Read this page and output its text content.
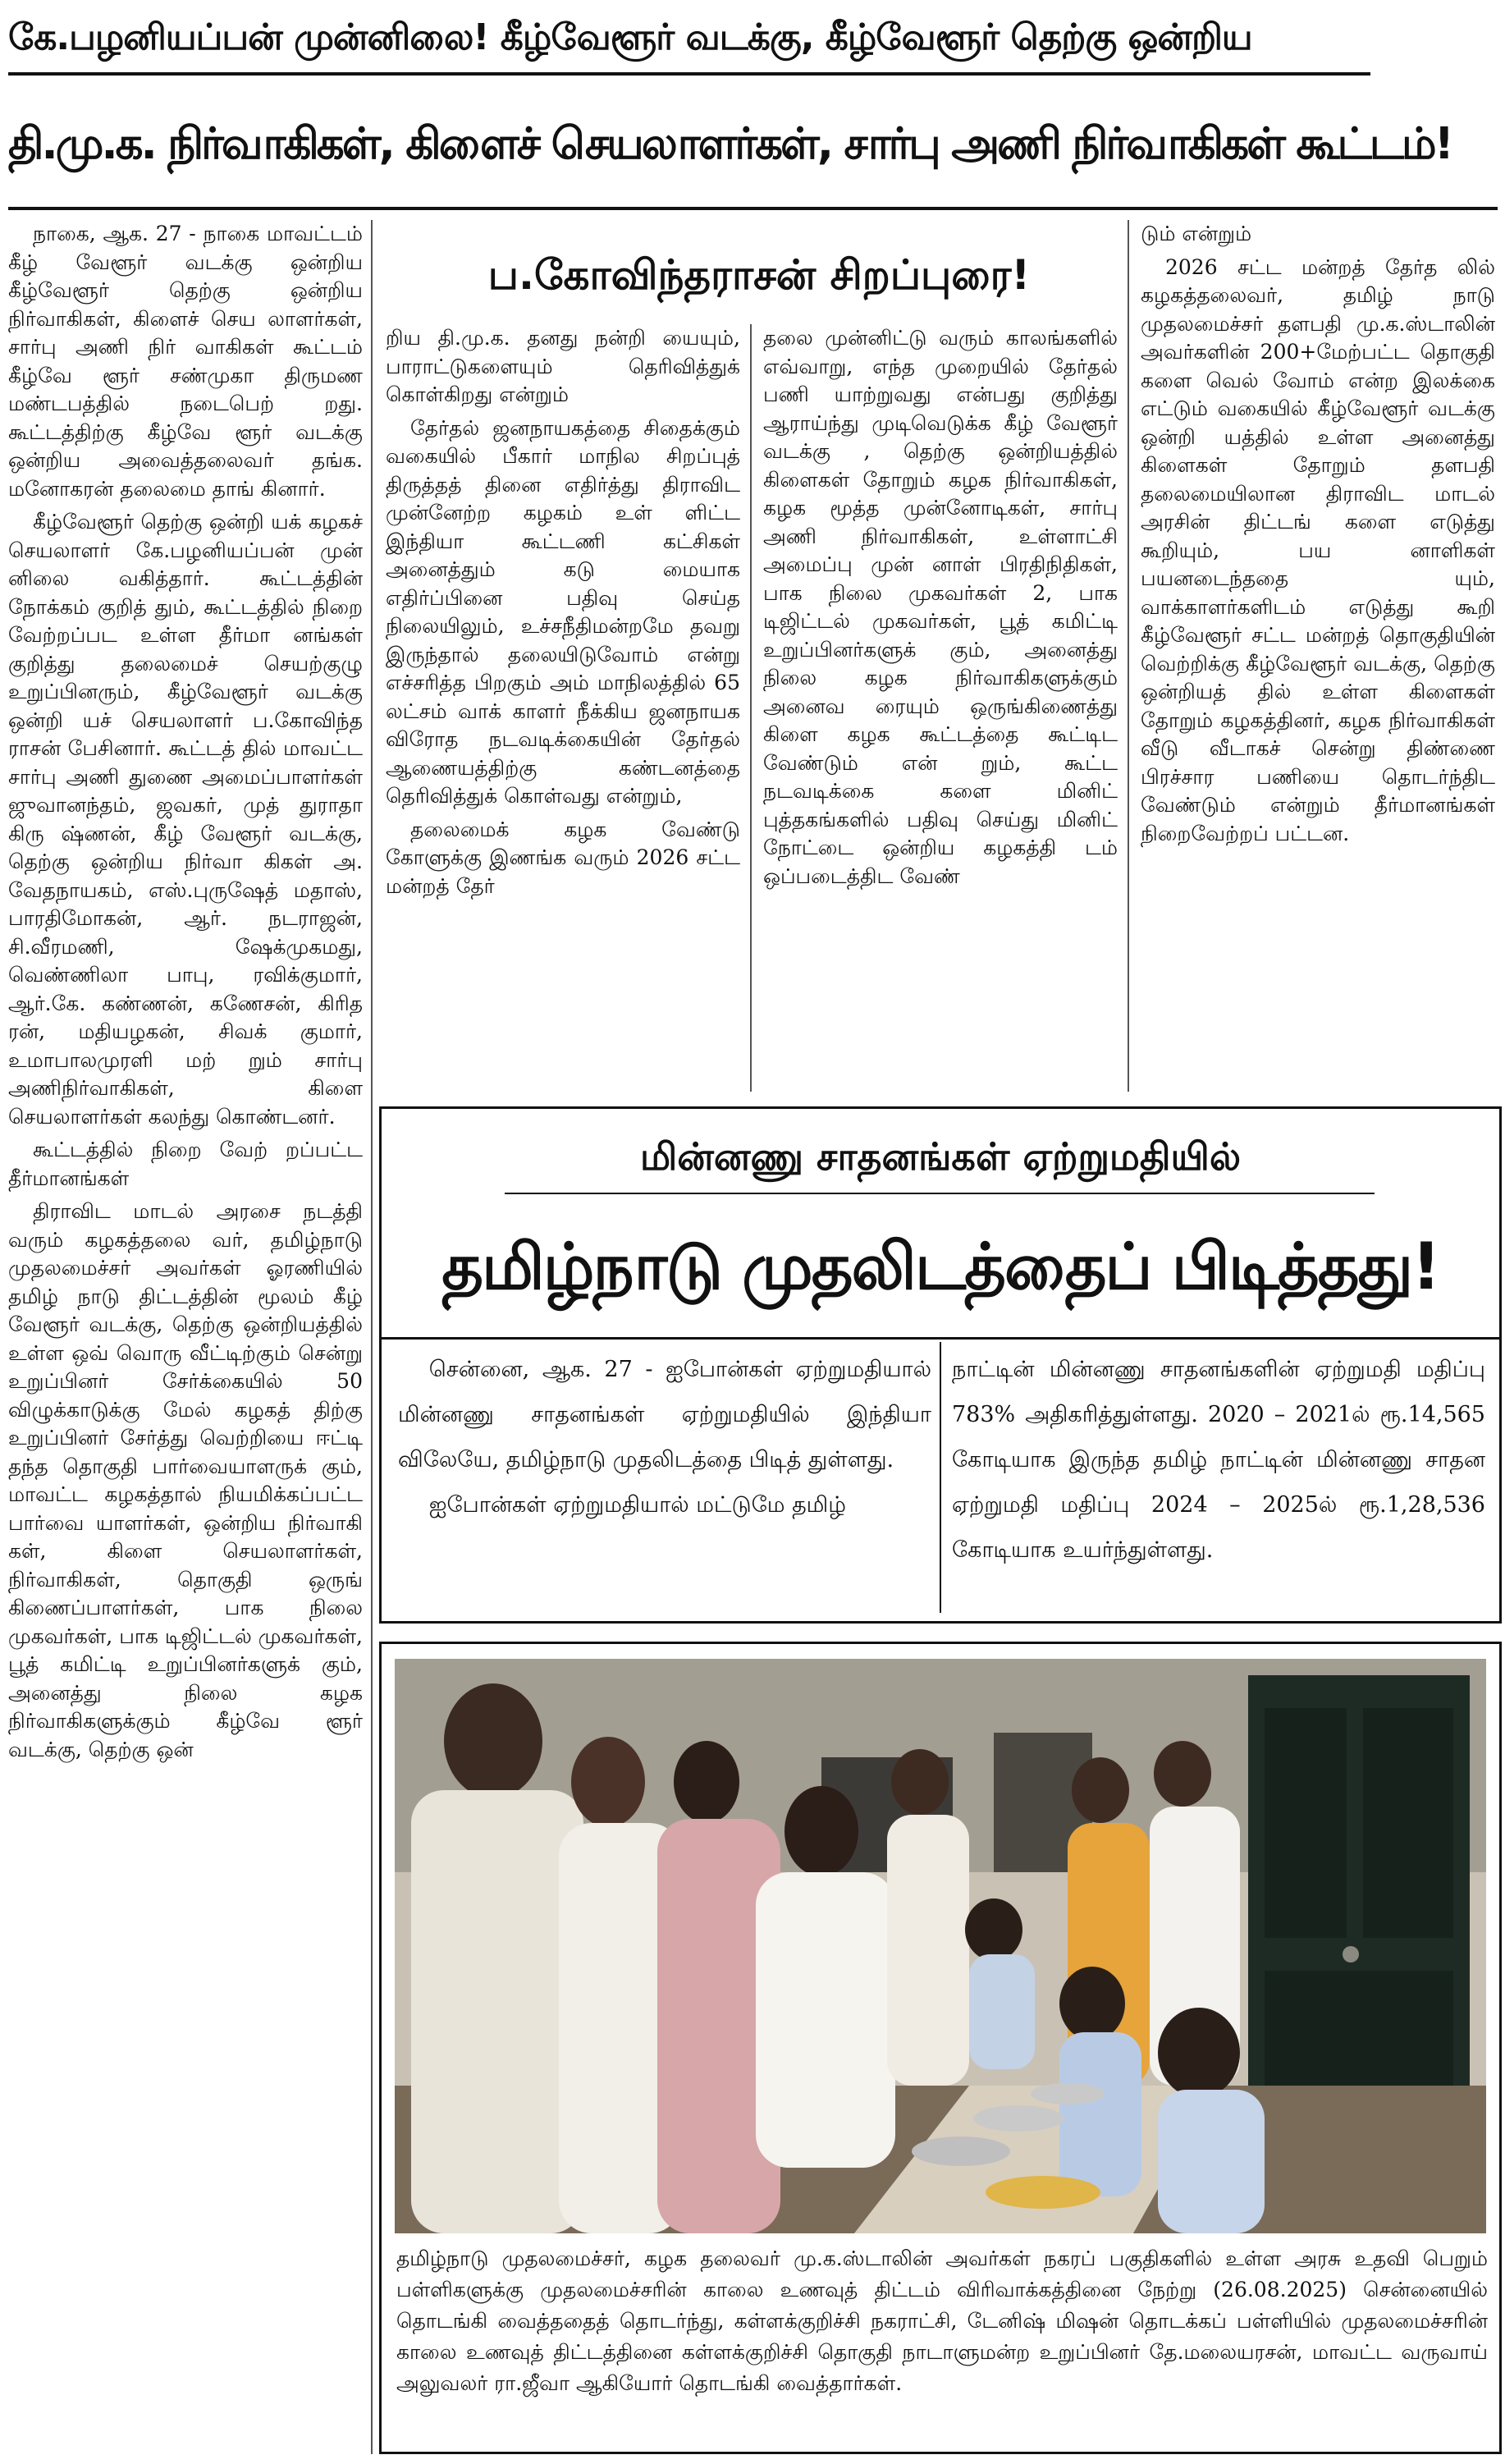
கே.பழனியப்பன் முன்னிலை! கீழ்வேளூர் வடக்கு, கீழ்வேளூர் தெற்கு ஒன்றிய
தி.மு.க. நிர்வாகிகள், கிளைச் செயலாளர்கள், சார்பு அணி நிர்வாகிகள் கூட்டம்!

நாகை, ஆக. 27 - நாகை மாவட்டம் கீழ் வேளூர் வடக்கு ஒன்றிய கீழ்வேளூர் தெற்கு ஒன்றிய நிர்வாகிகள், கிளைச் செய லாளர்கள், சார்பு அணி நிர் வாகிகள் கூட்டம் கீழ்வே ளூர் சண்முகா திருமண மண்டபத்தில் நடைபெற் றது. கூட்டத்திற்கு கீழ்வே ளூர் வடக்கு ஒன்றிய அவைத்தலைவர் தங்க. மனோகரன் தலைமை தாங் கினார்.

கீழ்வேளூர் தெற்கு ஒன்றி யக் கழகச் செயலாளர் கே.பழனியப்பன் முன் னிலை வகித்தார். கூட்டத்தின் நோக்கம் குறித் தும், கூட்டத்தில் நிறை வேற்றப்பட உள்ள தீர்மா னங்கள் குறித்து தலைமைச் செயற்குழு உறுப்பினரும், கீழ்வேளூர் வடக்கு ஒன்றி யச் செயலாளர் ப.கோவிந்த ராசன் பேசினார். கூட்டத் தில் மாவட்ட சார்பு அணி துணை அமைப்பாளர்கள் ஜுவானந்தம், ஜவகர், முத் துராதா கிரு ஷ்ணன், கீழ் வேளூர் வடக்கு, தெற்கு ஒன்றிய நிர்வா கிகள் அ. வேதநாயகம், எஸ்.புருஷேத் மதாஸ், பாரதிமோகன், ஆர். நடராஜன், சி.வீரமணி, ஷேக்முகமது, வெண்ணிலா பாபு, ரவிக்குமார், ஆர்.கே. கண்ணன், கணேசன், கிரித ரன், மதியழகன், சிவக் குமார், உமாபாலமுரளி மற் றும் சார்பு அணிநிர்வாகிகள், கிளை செயலாளர்கள் கலந்து கொண்டனர்.

கூட்டத்தில் நிறை வேற் றப்பட்ட தீர்மானங்கள்

திராவிட மாடல் அரசை நடத்தி வரும் கழகத்தலை வர், தமிழ்நாடு முதலமைச்சர் அவர்கள் ஓரணியில் தமிழ் நாடு திட்டத்தின் மூலம் கீழ் வேளூர் வடக்கு, தெற்கு ஒன்றியத்தில் உள்ள ஒவ் வொரு வீட்டிற்கும் சென்று உறுப்பினர் சேர்க்கையில் 50 விழுக்காடுக்கு மேல் கழகத் திற்கு உறுப்பினர் சேர்த்து வெற்றியை ஈட்டி தந்த தொகுதி பார்வையாளருக் கும், மாவட்ட கழகத்தால் நியமிக்கப்பட்ட பார்வை யாளர்கள், ஒன்றிய நிர்வாகி கள், கிளை செயலாளர்கள், நிர்வாகிகள், தொகுதி ஒருங் கிணைப்பாளர்கள், பாக நிலை முகவர்கள், பாக டிஜிட்டல் முகவர்கள், பூத் கமிட்டி உறுப்பினர்களுக் கும், அனைத்து நிலை கழக நிர்வாகிகளுக்கும் கீழ்வே ளூர் வடக்கு, தெற்கு ஒன்

ப.கோவிந்தராசன் சிறப்புரை!

றிய தி.மு.க. தனது நன்றி யையும், பாராட்டுகளையும் தெரிவித்துக் கொள்கிறது என்றும்

தேர்தல் ஜனநாயகத்தை சிதைக்கும் வகையில் பீகார் மாநில சிறப்புத் திருத்தத் தினை எதிர்த்து திராவிட முன்னேற்ற கழகம் உள் ளிட்ட இந்தியா கூட்டணி கட்சிகள் அனைத்தும் கடு மையாக எதிர்ப்பினை பதிவு செய்த நிலையிலும், உச்சநீதிமன்றமே தவறு இருந்தால் தலையிடுவோம் என்று எச்சரித்த பிறகும் அம் மாநிலத்தில் 65 லட்சம் வாக் காளர் நீக்கிய ஜனநாயக விரோத நடவடிக்கையின் தேர்தல் ஆணையத்திற்கு கண்டனத்தை தெரிவித்துக் கொள்வது என்றும்,

தலைமைக் கழக வேண்டு கோளுக்கு இணங்க வரும் 2026 சட்ட மன்றத் தேர்

தலை முன்னிட்டு வரும் காலங்களில் எவ்வாறு, எந்த முறையில் தேர்தல் பணி யாற்றுவது என்பது குறித்து ஆராய்ந்து முடிவெடுக்க கீழ் வேளூர் வடக்கு , தெற்கு ஒன்றியத்தில் கிளைகள் தோறும் கழக நிர்வாகிகள், கழக மூத்த முன்னோடிகள், சார்பு அணி நிர்வாகிகள், உள்ளாட்சி அமைப்பு முன் னாள் பிரதிநிதிகள், பாக நிலை முகவர்கள் 2, பாக டிஜிட்டல் முகவர்கள், பூத் கமிட்டி உறுப்பினர்களுக் கும், அனைத்து நிலை கழக நிர்வாகிகளுக்கும் அனைவ ரையும் ஒருங்கிணைத்து கிளை கழக கூட்டத்தை கூட்டிட வேண்டும் என் றும், கூட்ட நடவடிக்கை களை மினிட் புத்தகங்களில் பதிவு செய்து மினிட் நோட்டை ஒன்றிய கழகத்தி டம் ஒப்படைத்திட வேண்

டும் என்றும்

2026 சட்ட மன்றத் தேர்த லில் கழகத்தலைவர், தமிழ் நாடு முதலமைச்சர் தளபதி மு.க.ஸ்டாலின் அவர்களின் 200+மேற்பட்ட தொகுதி களை வெல் வோம் என்ற இலக்கை எட்டும் வகையில் கீழ்வேளூர் வடக்கு ஒன்றி யத்தில் உள்ள அனைத்து கிளைகள் தோறும் தளபதி தலைமையிலான திராவிட மாடல் அரசின் திட்டங் களை எடுத்து கூறியும், பய னாளிகள் பயனடைந்ததை யும், வாக்காளர்களிடம் எடுத்து கூறி கீழ்வேளூர் சட்ட மன்றத் தொகுதியின் வெற்றிக்கு கீழ்வேளூர் வடக்கு, தெற்கு ஒன்றியத் தில் உள்ள கிளைகள் தோறும் கழகத்தினர், கழக நிர்வாகிகள் வீடு வீடாகச் சென்று திண்ணை பிரச்சார பணியை தொடர்ந்திட வேண்டும் என்றும் தீர்மானங்கள் நிறைவேற்றப் பட்டன.

மின்னணு சாதனங்கள் ஏற்றுமதியில்
தமிழ்நாடு முதலிடத்தைப் பிடித்தது!

சென்னை, ஆக. 27 - ஐபோன்கள் ஏற்றுமதியால் மின்னணு சாதனங்கள் ஏற்றுமதியில் இந்தியா விலேயே, தமிழ்நாடு முதலிடத்தை பிடித் துள்ளது.

ஐபோன்கள் ஏற்றுமதியால் மட்டுமே தமிழ்

நாட்டின் மின்னணு சாதனங்களின் ஏற்றுமதி மதிப்பு 783% அதிகரித்துள்ளது. 2020 – 2021ல் ரூ.14,565 கோடியாக இருந்த தமிழ் நாட்டின் மின்னணு சாதன ஏற்றுமதி மதிப்பு 2024 – 2025ல் ரூ.1,28,536 கோடியாக உயர்ந்துள்ளது.

தமிழ்நாடு முதலமைச்சர், கழக தலைவர் மு.க.ஸ்டாலின் அவர்கள் நகரப் பகுதிகளில் உள்ள அரசு உதவி பெறும் பள்ளிகளுக்கு முதலமைச்சரின் காலை உணவுத் திட்டம் விரிவாக்கத்தினை நேற்று (26.08.2025) சென்னையில் தொடங்கி வைத்ததைத் தொடர்ந்து, கள்ளக்குறிச்சி நகராட்சி, டேனிஷ் மிஷன் தொடக்கப் பள்ளியில் முதலமைச்சரின் காலை உணவுத் திட்டத்தினை கள்ளக்குறிச்சி தொகுதி நாடாளுமன்ற உறுப்பினர் தே.மலையரசன், மாவட்ட வருவாய் அலுவலர் ரா.ஜீவா ஆகியோர் தொடங்கி வைத்தார்கள்.
